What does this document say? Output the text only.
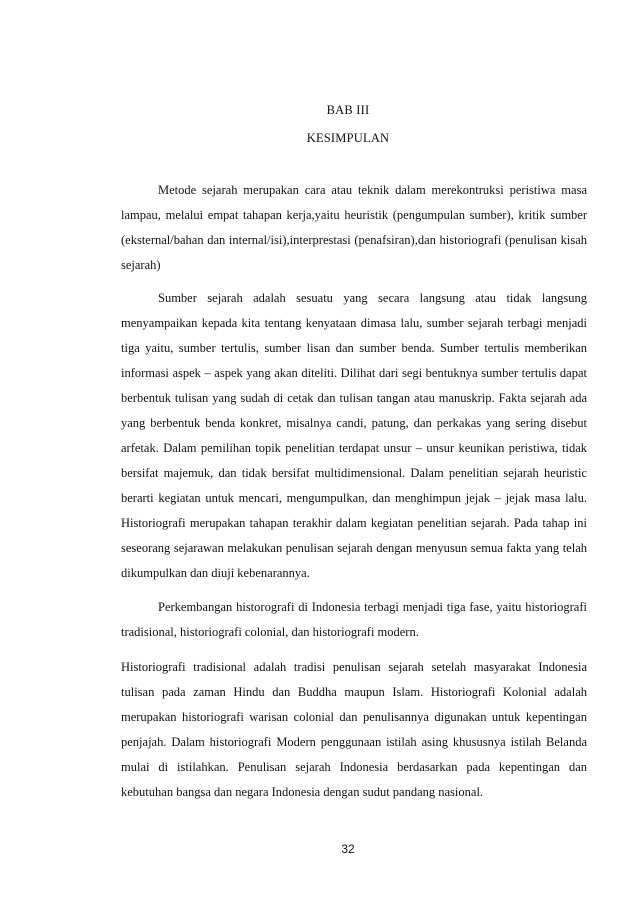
BAB III
KESIMPULAN

Metode sejarah merupakan cara atau teknik dalam merekontruksi peristiwa masa lampau, melalui empat tahapan kerja,yaitu heuristik (pengumpulan sumber), kritik sumber (eksternal/bahan dan internal/isi),interprestasi (penafsiran),dan historiografi (penulisan kisah sejarah)

Sumber sejarah adalah sesuatu yang secara langsung atau tidak langsung menyampaikan kepada kita tentang kenyataan dimasa lalu, sumber sejarah terbagi menjadi tiga yaitu, sumber tertulis, sumber lisan dan sumber benda. Sumber tertulis memberikan informasi aspek – aspek yang akan diteliti. Dilihat dari segi bentuknya sumber tertulis dapat berbentuk tulisan yang sudah di cetak dan tulisan tangan atau manuskrip. Fakta sejarah ada yang berbentuk benda konkret, misalnya candi, patung, dan perkakas yang sering disebut arfetak. Dalam pemilihan topik penelitian terdapat unsur – unsur keunikan peristiwa, tidak bersifat majemuk, dan tidak bersifat multidimensional. Dalam penelitian sejarah heuristic berarti kegiatan untuk mencari, mengumpulkan, dan menghimpun jejak – jejak masa lalu. Historiografi merupakan tahapan terakhir dalam kegiatan penelitian sejarah. Pada tahap ini seseorang sejarawan melakukan penulisan sejarah dengan menyusun semua fakta yang telah dikumpulkan dan diuji kebenarannya.

Perkembangan historografi di Indonesia terbagi menjadi tiga fase, yaitu historiografi tradisional, historiografi colonial, dan historiografi modern.

Historiografi tradisional adalah tradisi penulisan sejarah setelah masyarakat Indonesia tulisan pada zaman Hindu dan Buddha maupun Islam. Historiografi Kolonial adalah merupakan historiografi warisan colonial dan penulisannya digunakan untuk kepentingan penjajah. Dalam historiografi Modern penggunaan istilah asing khususnya istilah Belanda mulai di istilahkan. Penulisan sejarah Indonesia berdasarkan pada kepentingan dan kebutuhan bangsa dan negara Indonesia dengan sudut pandang nasional.

32
